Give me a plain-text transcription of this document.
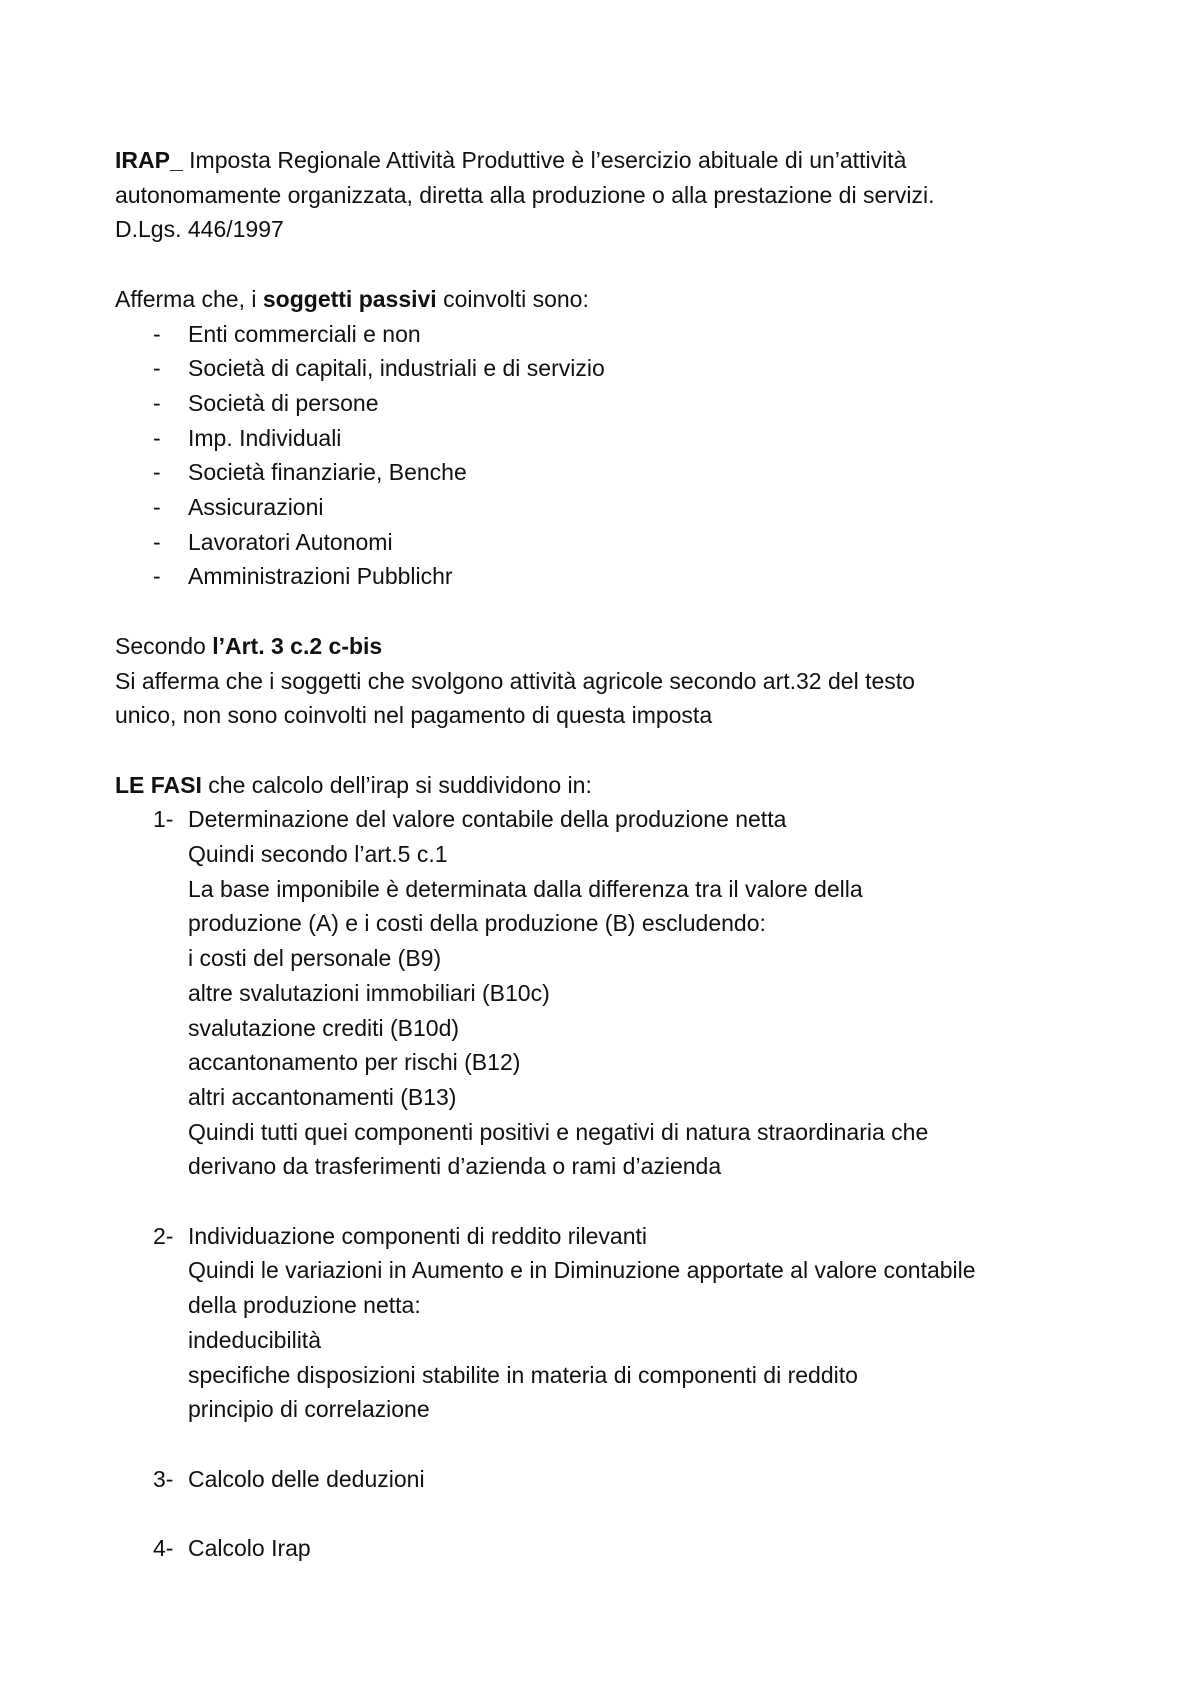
IRAP_ Imposta Regionale Attività Produttive è l’esercizio abituale di un’attività

autonomamente organizzata, diretta alla produzione o alla prestazione di servizi.

D.Lgs. 446/1997

Afferma che, i soggetti passivi coinvolti sono:

- Enti commerciali e non
- Società di capitali, industriali e di servizio
- Società di persone
- Imp. Individuali
- Società finanziarie, Benche
- Assicurazioni
- Lavoratori Autonomi
- Amministrazioni Pubblichr

Secondo l’Art. 3 c.2 c-bis

Si afferma che i soggetti che svolgono attività agricole secondo art.32 del testo

unico, non sono coinvolti nel pagamento di questa imposta

LE FASI che calcolo dell’irap si suddividono in:

1- Determinazione del valore contabile della produzione netta

Quindi secondo l’art.5 c.1

La base imponibile è determinata dalla differenza tra il valore della

produzione (A) e i costi della produzione (B) escludendo:

i costi del personale (B9)

altre svalutazioni immobiliari (B10c)

svalutazione crediti (B10d)

accantonamento per rischi (B12)

altri accantonamenti (B13)

Quindi tutti quei componenti positivi e negativi di natura straordinaria che

derivano da trasferimenti d’azienda o rami d’azienda

2- Individuazione componenti di reddito rilevanti

Quindi le variazioni in Aumento e in Diminuzione apportate al valore contabile

della produzione netta:

indeducibilità

specifiche disposizioni stabilite in materia di componenti di reddito

principio di correlazione

3- Calcolo delle deduzioni

4- Calcolo Irap
